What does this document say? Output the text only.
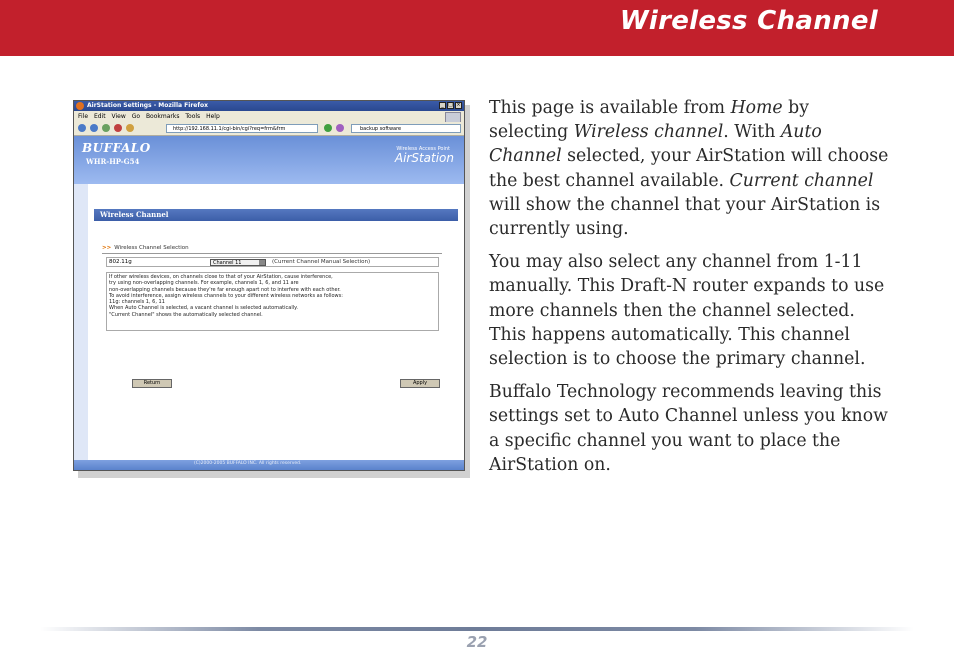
Wireless Channel
AirStation Settings - Mozilla Firefox	_ □ ×
File Edit View Go Bookmarks Tools Help
http://192.168.11.1/cgi-bin/cgi?req=frm&frm	backup software
BUFFALO
WHR-HP-G54
Wireless Access Point
AirStation
Wireless Channel
>> Wireless Channel Selection
802.11g	Channel 11	(Current Channel Manual Selection)
If other wireless devices, on channels close to that of your AirStation, cause interference,
try using non-overlapping channels. For example, channels 1, 6, and 11 are
non-overlapping channels because they're far enough apart not to interfere with each other.
To avoid interference, assign wireless channels to your different wireless networks as follows:
11g: channels 1, 6, 11
When Auto Channel is selected, a vacant channel is selected automatically.
"Current Channel" shows the automatically selected channel.
Return	Apply
(C)2000-2005 BUFFALO INC. All rights reserved.

This page is available from Home by selecting Wireless channel. With Auto Channel selected, your AirStation will choose the best channel available. Current channel will show the channel that your AirStation is currently using.

You may also select any channel from 1-11 manually. This Draft-N router expands to use more channels then the channel selected. This happens automatically. This channel selection is to choose the primary channel.

Buffalo Technology recommends leaving this settings set to Auto Channel unless you know a specific channel you want to place the AirStation on.

22
